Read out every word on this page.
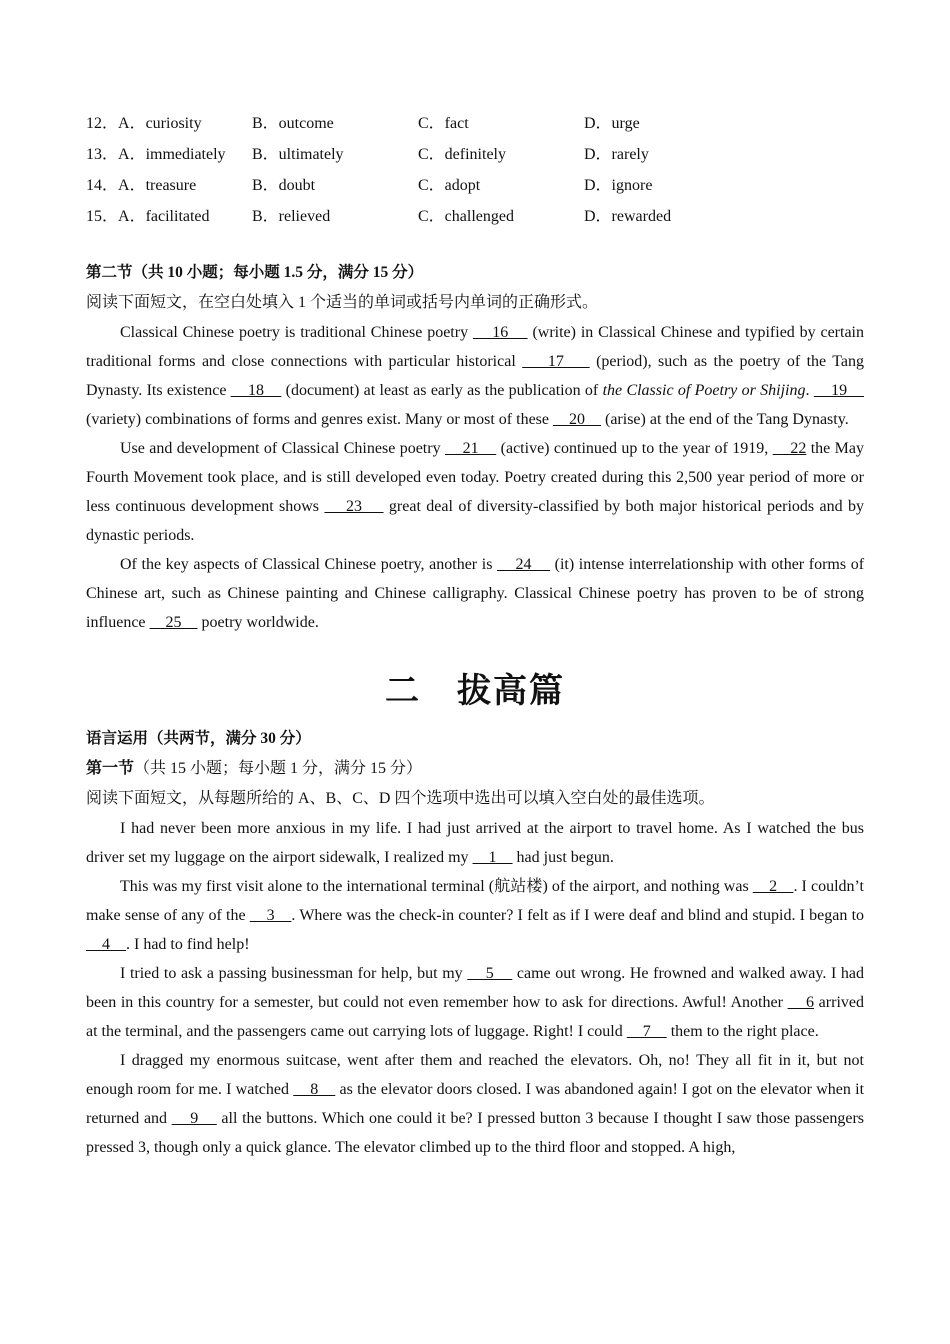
12．A．curiosity	B．outcome	C．fact	D．urge
13．A．immediately B．ultimately	C．definitely	D．rarely
14．A．treasure	B．doubt	C．adopt	D．ignore
15．A．facilitated	B．relieved	C．challenged	D．rewarded
第二节（共 10 小题；每小题 1.5 分，满分 15 分）
阅读下面短文，在空白处填入 1 个适当的单词或括号内单词的正确形式。

Classical Chinese poetry is traditional Chinese poetry     16     (write) in Classical Chinese and typified by certain traditional forms and close connections with particular historical     17     (period), such as the poetry of the Tang Dynasty. Its existence     18     (document) at least as early as the publication of the Classic of Poetry or Shijing.     19     (variety) combinations of forms and genres exist. Many or most of these     20     (arise) at the end of the Tang Dynasty.

Use and development of Classical Chinese poetry     21     (active) continued up to the year of 1919,     22 the May Fourth Movement took place, and is still developed even today. Poetry created during this 2,500 year period of more or less continuous development shows     23     great deal of diversity-classified by both major historical periods and by dynastic periods.

Of the key aspects of Classical Chinese poetry, another is     24     (it) intense interrelationship with other forms of Chinese art, such as Chinese painting and Chinese calligraphy. Classical Chinese poetry has proven to be of strong influence     25     poetry worldwide.

二 拔高篇
语言运用（共两节，满分 30 分）
第一节（共 15 小题；每小题 1 分，满分 15 分）
阅读下面短文，从每题所给的 A、B、C、D 四个选项中选出可以填入空白处的最佳选项。

I had never been more anxious in my life. I had just arrived at the airport to travel home. As I watched the bus driver set my luggage on the airport sidewalk, I realized my     1     had just begun.

This was my first visit alone to the international terminal (航站楼) of the airport, and nothing was     2    . I couldn’t make sense of any of the     3    . Where was the check-in counter? I felt as if I were deaf and blind and stupid. I began to     4    . I had to find help!

I tried to ask a passing businessman for help, but my     5     came out wrong. He frowned and walked away. I had been in this country for a semester, but could not even remember how to ask for directions. Awful! Another     6 arrived at the terminal, and the passengers came out carrying lots of luggage. Right! I could     7     them to the right place.

I dragged my enormous suitcase, went after them and reached the elevators. Oh, no! They all fit in it, but not enough room for me. I watched     8     as the elevator doors closed. I was abandoned again! I got on the elevator when it returned and     9     all the buttons. Which one could it be? I pressed button 3 because I thought I saw those passengers pressed 3, though only a quick glance. The elevator climbed up to the third floor and stopped. A high,
